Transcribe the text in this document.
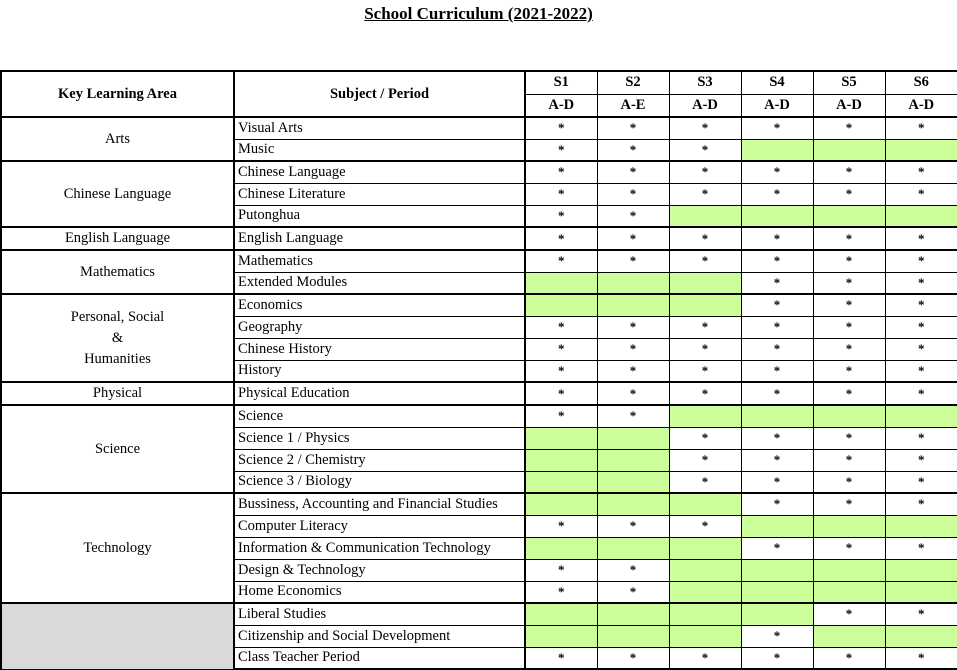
School Curriculum (2021-2022)
Key Learning Area	Subject / Period	S1	S2	S3	S4	S5	S6
		A-D	A-E	A-D	A-D	A-D	A-D
Arts	Visual Arts	*	*	*	*	*	*
	Music	*	*	*			
Chinese Language	Chinese Language	*	*	*	*	*	*
	Chinese Literature	*	*	*	*	*	*
	Putonghua	*	*				
English Language	English Language	*	*	*	*	*	*
Mathematics	Mathematics	*	*	*	*	*	*
	Extended Modules				*	*	*
Personal, Social
&
Humanities	Economics				*	*	*
	Geography	*	*	*	*	*	*
	Chinese History	*	*	*	*	*	*
	History	*	*	*	*	*	*
Physical	Physical Education	*	*	*	*	*	*
Science	Science	*	*				
	Science 1 / Physics			*	*	*	*
	Science 2 / Chemistry			*	*	*	*
	Science 3 / Biology			*	*	*	*
Technology	Bussiness, Accounting and Financial Studies				*	*	*
	Computer Literacy	*	*	*			
	Information & Communication Technology				*	*	*
	Design & Technology	*	*				
	Home Economics	*	*				
	Liberal Studies					*	*
	Citizenship and Social Development				*		
	Class Teacher Period	*	*	*	*	*	*
